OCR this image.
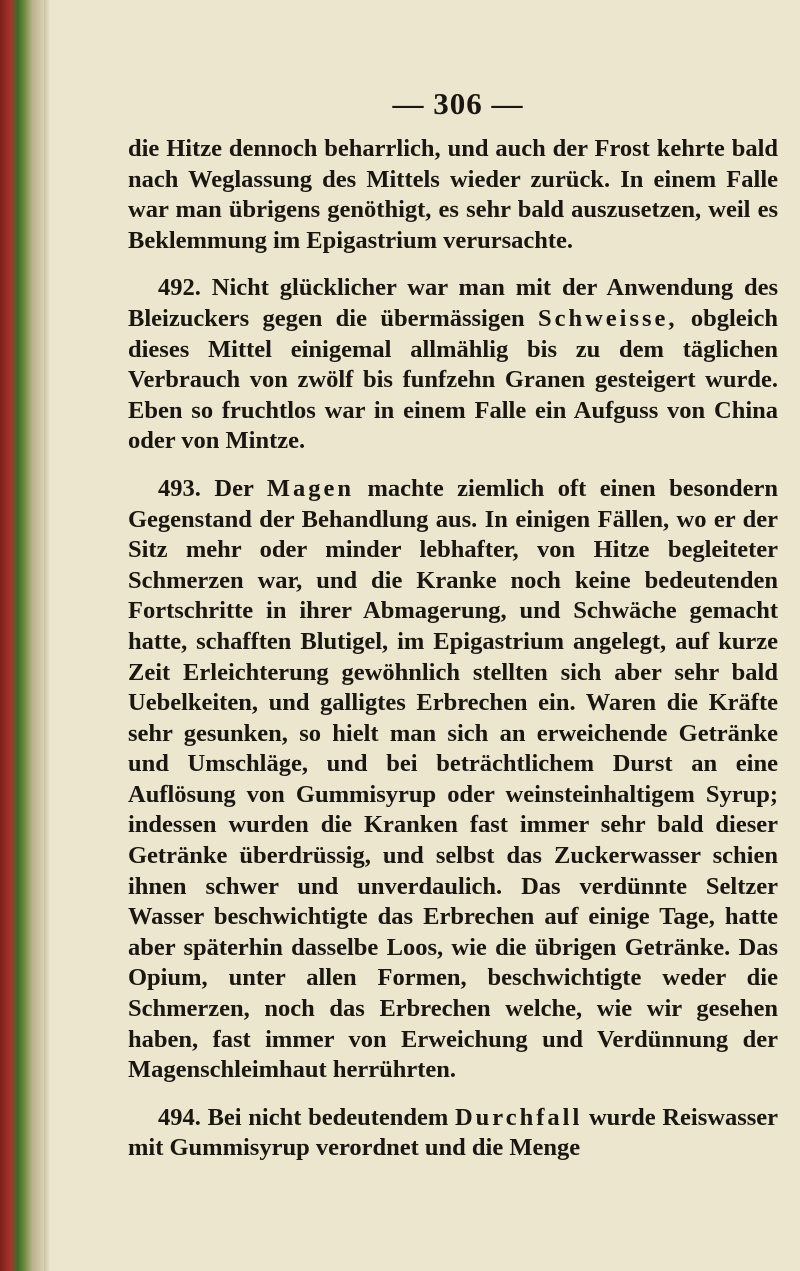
— 306 —

die Hitze dennoch beharrlich, und auch der Frost kehrte bald nach Weglassung des Mittels wieder zurück. In einem Falle war man übrigens genöthigt, es sehr bald auszusetzen, weil es Beklemmung im Epigastrium verursachte.

492. Nicht glücklicher war man mit der Anwendung des Bleizuckers gegen die übermässigen Schweisse, obgleich dieses Mittel einigemal allmählig bis zu dem täglichen Verbrauch von zwölf bis funfzehn Granen gesteigert wurde. Eben so fruchtlos war in einem Falle ein Aufguss von China oder von Mintze.

493. Der Magen machte ziemlich oft einen besondern Gegenstand der Behandlung aus. In einigen Fällen, wo er der Sitz mehr oder minder lebhafter, von Hitze begleiteter Schmerzen war, und die Kranke noch keine bedeutenden Fortschritte in ihrer Abmagerung, und Schwäche gemacht hatte, schafften Blutigel, im Epigastrium angelegt, auf kurze Zeit Erleichterung gewöhnlich stellten sich aber sehr bald Uebelkeiten, und galligtes Erbrechen ein. Waren die Kräfte sehr gesunken, so hielt man sich an erweichende Getränke und Umschläge, und bei beträchtlichem Durst an eine Auflösung von Gummisyrup oder weinsteinhaltigem Syrup; indessen wurden die Kranken fast immer sehr bald dieser Getränke überdrüssig, und selbst das Zuckerwasser schien ihnen schwer und unverdaulich. Das verdünnte Seltzer Wasser beschwichtigte das Erbrechen auf einige Tage, hatte aber späterhin dasselbe Loos, wie die übrigen Getränke. Das Opium, unter allen Formen, beschwichtigte weder die Schmerzen, noch das Erbrechen welche, wie wir gesehen haben, fast immer von Erweichung und Verdünnung der Magenschleimhaut herrührten.

494. Bei nicht bedeutendem Durchfall wurde Reiswasser mit Gummisyrup verordnet und die Menge
